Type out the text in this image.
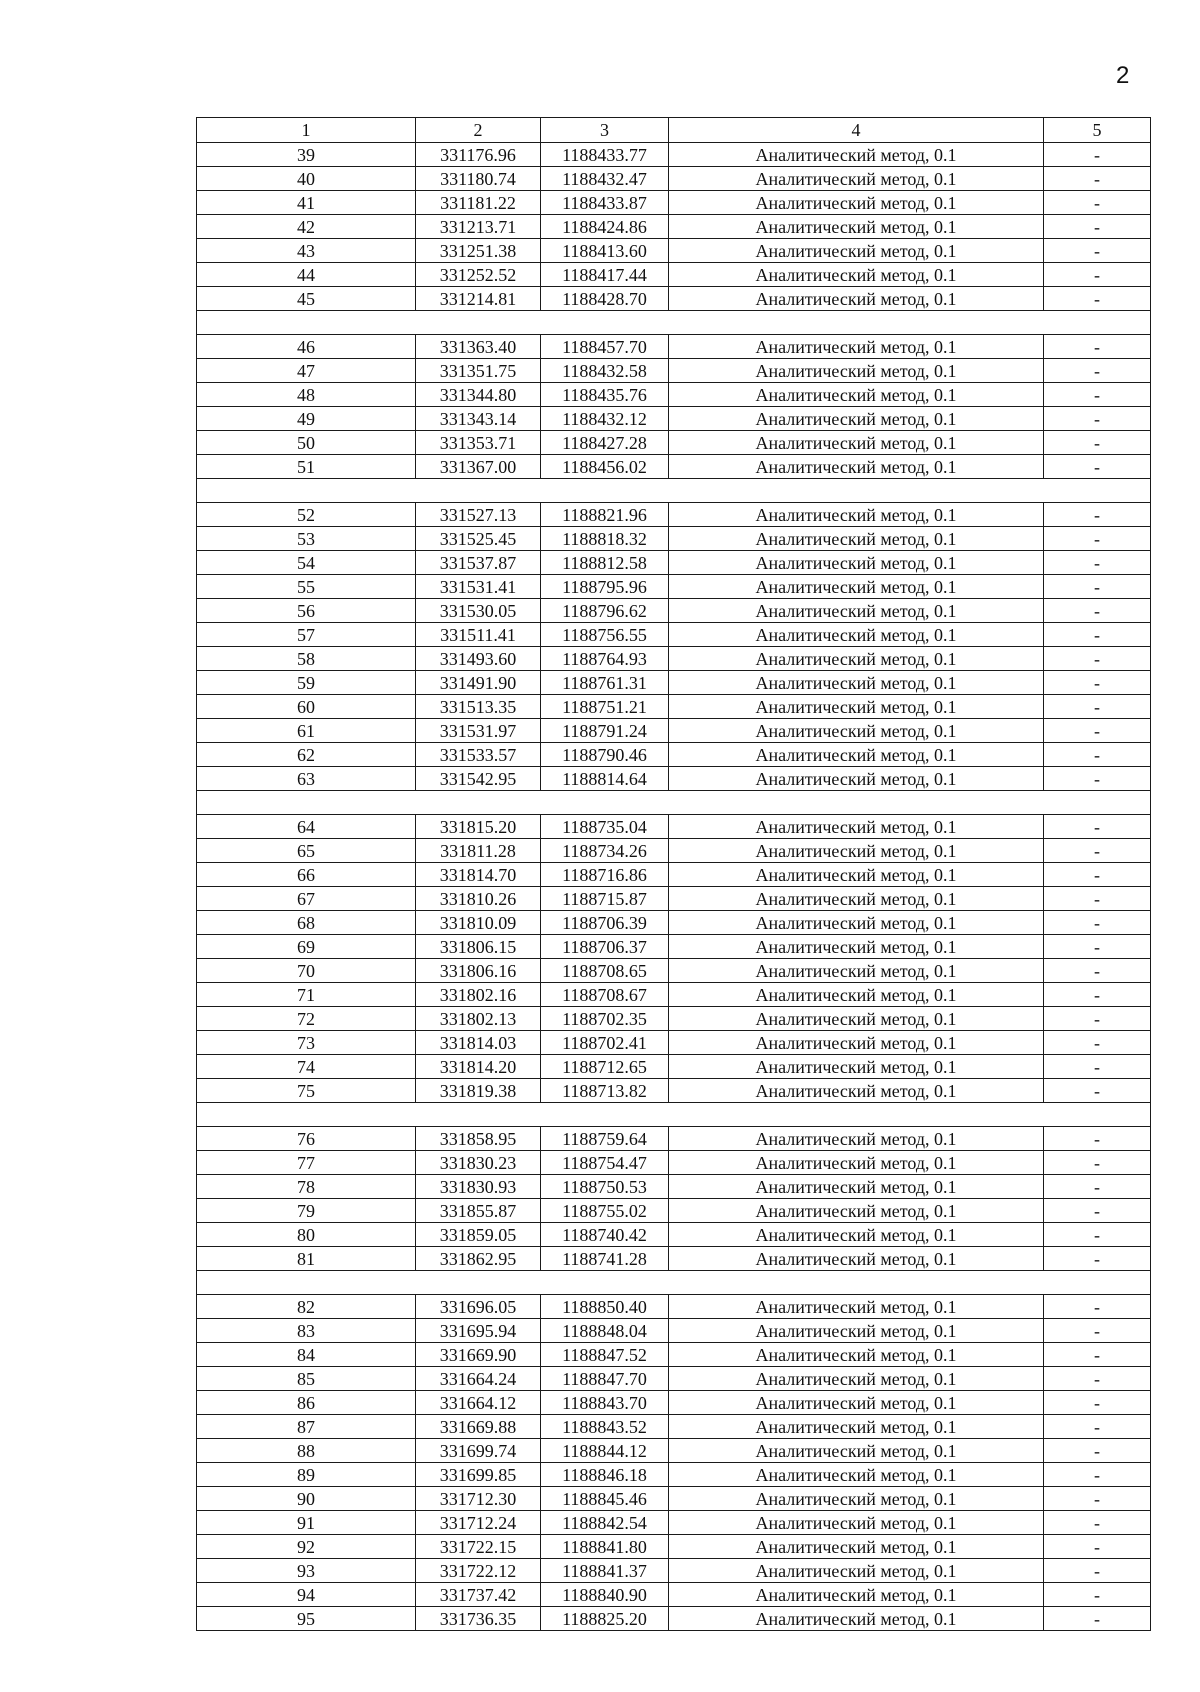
2
1	2	3	4	5
39	331176.96	1188433.77	Аналитический метод, 0.1	-
40	331180.74	1188432.47	Аналитический метод, 0.1	-
41	331181.22	1188433.87	Аналитический метод, 0.1	-
42	331213.71	1188424.86	Аналитический метод, 0.1	-
43	331251.38	1188413.60	Аналитический метод, 0.1	-
44	331252.52	1188417.44	Аналитический метод, 0.1	-
45	331214.81	1188428.70	Аналитический метод, 0.1	-

46	331363.40	1188457.70	Аналитический метод, 0.1	-
47	331351.75	1188432.58	Аналитический метод, 0.1	-
48	331344.80	1188435.76	Аналитический метод, 0.1	-
49	331343.14	1188432.12	Аналитический метод, 0.1	-
50	331353.71	1188427.28	Аналитический метод, 0.1	-
51	331367.00	1188456.02	Аналитический метод, 0.1	-

52	331527.13	1188821.96	Аналитический метод, 0.1	-
53	331525.45	1188818.32	Аналитический метод, 0.1	-
54	331537.87	1188812.58	Аналитический метод, 0.1	-
55	331531.41	1188795.96	Аналитический метод, 0.1	-
56	331530.05	1188796.62	Аналитический метод, 0.1	-
57	331511.41	1188756.55	Аналитический метод, 0.1	-
58	331493.60	1188764.93	Аналитический метод, 0.1	-
59	331491.90	1188761.31	Аналитический метод, 0.1	-
60	331513.35	1188751.21	Аналитический метод, 0.1	-
61	331531.97	1188791.24	Аналитический метод, 0.1	-
62	331533.57	1188790.46	Аналитический метод, 0.1	-
63	331542.95	1188814.64	Аналитический метод, 0.1	-

64	331815.20	1188735.04	Аналитический метод, 0.1	-
65	331811.28	1188734.26	Аналитический метод, 0.1	-
66	331814.70	1188716.86	Аналитический метод, 0.1	-
67	331810.26	1188715.87	Аналитический метод, 0.1	-
68	331810.09	1188706.39	Аналитический метод, 0.1	-
69	331806.15	1188706.37	Аналитический метод, 0.1	-
70	331806.16	1188708.65	Аналитический метод, 0.1	-
71	331802.16	1188708.67	Аналитический метод, 0.1	-
72	331802.13	1188702.35	Аналитический метод, 0.1	-
73	331814.03	1188702.41	Аналитический метод, 0.1	-
74	331814.20	1188712.65	Аналитический метод, 0.1	-
75	331819.38	1188713.82	Аналитический метод, 0.1	-

76	331858.95	1188759.64	Аналитический метод, 0.1	-
77	331830.23	1188754.47	Аналитический метод, 0.1	-
78	331830.93	1188750.53	Аналитический метод, 0.1	-
79	331855.87	1188755.02	Аналитический метод, 0.1	-
80	331859.05	1188740.42	Аналитический метод, 0.1	-
81	331862.95	1188741.28	Аналитический метод, 0.1	-

82	331696.05	1188850.40	Аналитический метод, 0.1	-
83	331695.94	1188848.04	Аналитический метод, 0.1	-
84	331669.90	1188847.52	Аналитический метод, 0.1	-
85	331664.24	1188847.70	Аналитический метод, 0.1	-
86	331664.12	1188843.70	Аналитический метод, 0.1	-
87	331669.88	1188843.52	Аналитический метод, 0.1	-
88	331699.74	1188844.12	Аналитический метод, 0.1	-
89	331699.85	1188846.18	Аналитический метод, 0.1	-
90	331712.30	1188845.46	Аналитический метод, 0.1	-
91	331712.24	1188842.54	Аналитический метод, 0.1	-
92	331722.15	1188841.80	Аналитический метод, 0.1	-
93	331722.12	1188841.37	Аналитический метод, 0.1	-
94	331737.42	1188840.90	Аналитический метод, 0.1	-
95	331736.35	1188825.20	Аналитический метод, 0.1	-
